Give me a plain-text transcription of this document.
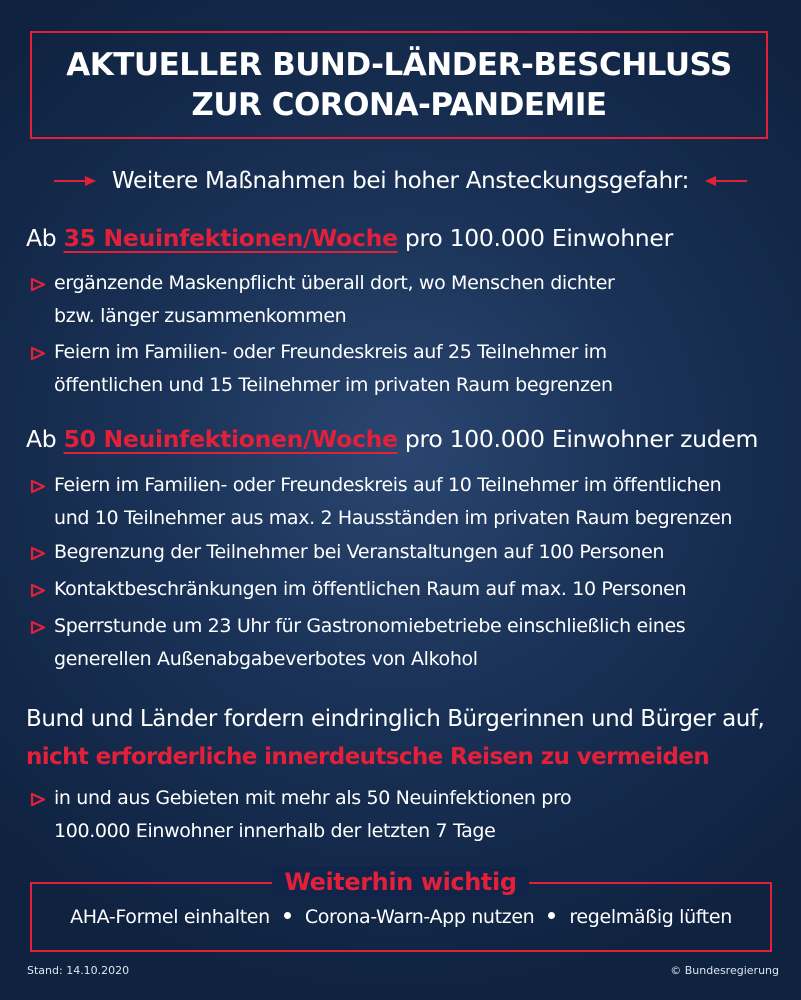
AKTUELLER BUND-LÄNDER-BESCHLUSS
ZUR CORONA-PANDEMIE
Weitere Maßnahmen bei hoher Ansteckungsgefahr:
Ab 35 Neuinfektionen/Woche pro 100.000 Einwohner
ergänzende Maskenpflicht überall dort, wo Menschen dichter
bzw. länger zusammenkommen
Feiern im Familien- oder Freundeskreis auf 25 Teilnehmer im
öffentlichen und 15 Teilnehmer im privaten Raum begrenzen
Ab 50 Neuinfektionen/Woche pro 100.000 Einwohner zudem
Feiern im Familien- oder Freundeskreis auf 10 Teilnehmer im öffentlichen
und 10 Teilnehmer aus max. 2 Hausständen im privaten Raum begrenzen
Begrenzung der Teilnehmer bei Veranstaltungen auf 100 Personen
Kontaktbeschränkungen im öffentlichen Raum auf max. 10 Personen
Sperrstunde um 23 Uhr für Gastronomiebetriebe einschließlich eines
generellen Außenabgabeverbotes von Alkohol
Bund und Länder fordern eindringlich Bürgerinnen und Bürger auf,
nicht erforderliche innerdeutsche Reisen zu vermeiden
in und aus Gebieten mit mehr als 50 Neuinfektionen pro
100.000 Einwohner innerhalb der letzten 7 Tage
Weiterhin wichtig
AHA-Formel einhalten Corona-Warn-App nutzen regelmäßig lüften
Stand: 14.10.2020	© Bundesregierung
